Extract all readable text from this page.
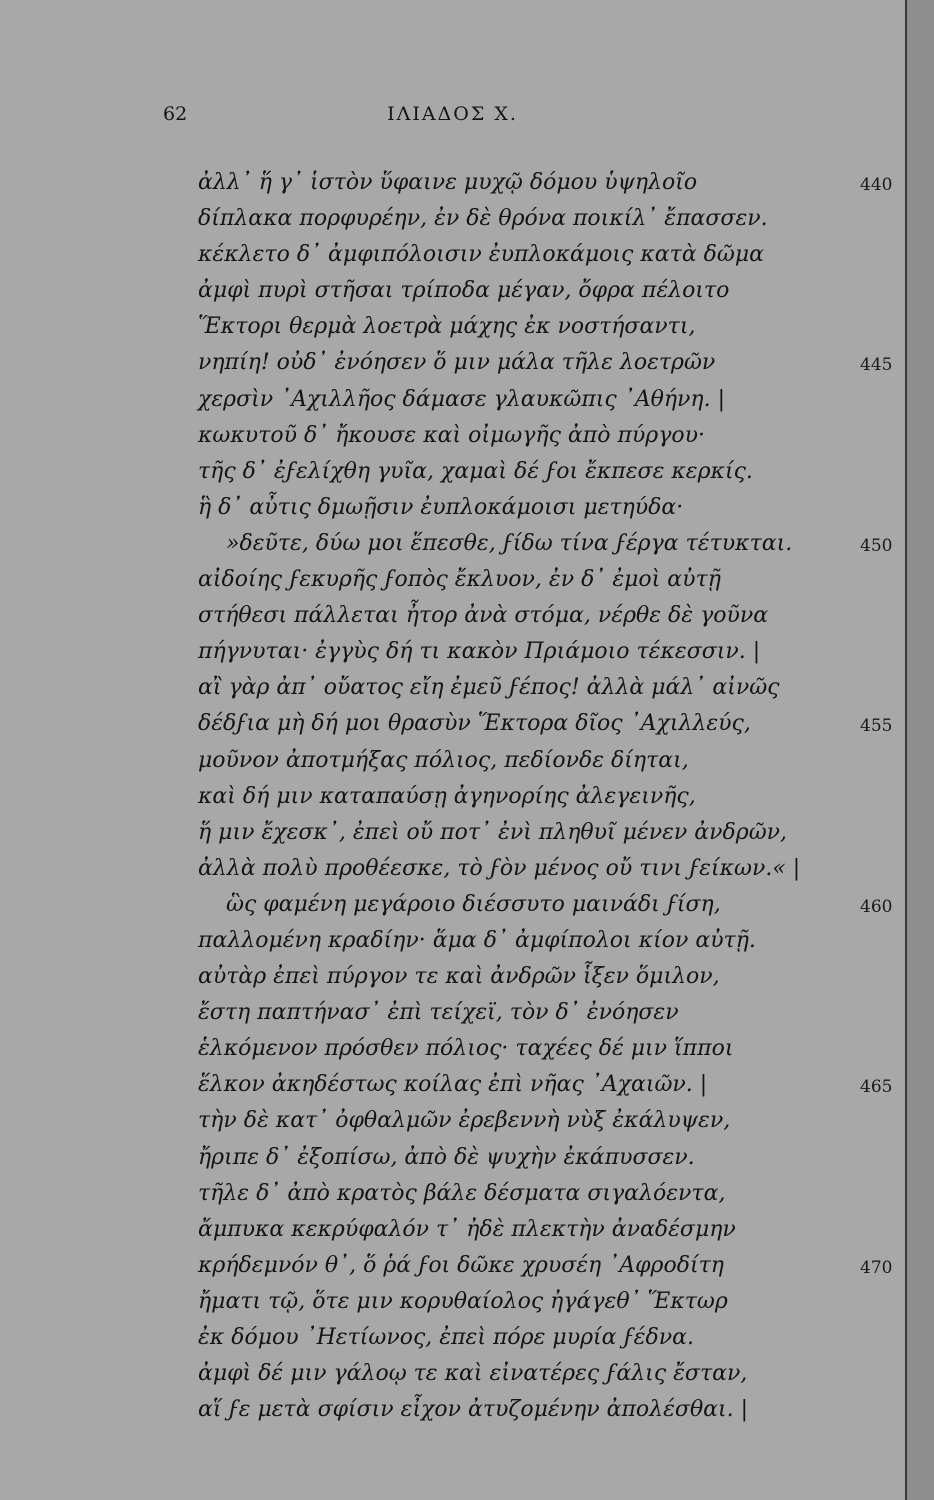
62	ΙΛΙΑΔΟΣ Χ.
ἀλλ᾽ ἥ γ᾽ ἱστὸν ὕφαινε μυχῷ δόμου ὑψηλοῖο	440
δίπλακα πορφυρέην, ἐν δὲ θρόνα ποικίλ᾽ ἔπασσεν.
κέκλετο δ᾽ ἀμφιπόλοισιν ἐυπλοκάμοις κατὰ δῶμα
ἀμφὶ πυρὶ στῆσαι τρίποδα μέγαν, ὄφρα πέλοιτο
Ἕκτορι θερμὰ λοετρὰ μάχης ἐκ νοστήσαντι,
νηπίη! οὐδ᾽ ἐνόησεν ὅ μιν μάλα τῆλε λοετρῶν	445
χερσὶν ᾿Αχιλλῆος δάμασε γλαυκῶπις ᾿Αθήνη. |
κωκυτοῦ δ᾽ ἤκουσε καὶ οἰμωγῆς ἀπὸ πύργου·
τῆς δ᾽ ἐϝελίχθη γυῖα, χαμαὶ δέ ϝοι ἔκπεσε κερκίς.
ἣ δ᾽ αὖτις δμωῇσιν ἐυπλοκάμοισι μετηύδα·
»δεῦτε, δύω μοι ἕπεσθε, ϝίδω τίνα ϝέργα τέτυκται.	450
αἰδοίης ϝεκυρῆς ϝοπὸς ἔκλυον, ἐν δ᾽ ἐμοὶ αὐτῇ
στήθεσι πάλλεται ἦτορ ἀνὰ στόμα, νέρθε δὲ γοῦνα
πήγνυται· ἐγγὺς δή τι κακὸν Πριάμοιο τέκεσσιν. |
αἲ γὰρ ἀπ᾽ οὔατος εἴη ἐμεῦ ϝέπος! ἀλλὰ μάλ᾽ αἰνῶς
δέδϝια μὴ δή μοι θρασὺν Ἕκτορα δῖος ᾿Αχιλλεύς,	455
μοῦνον ἀποτμήξας πόλιος, πεδίονδε δίηται,
καὶ δή μιν καταπαύσῃ ἀγηνορίης ἀλεγεινῆς,
ἥ μιν ἔχεσκ᾽, ἐπεὶ οὔ ποτ᾽ ἐνὶ πληθυῖ μένεν ἀνδρῶν,
ἀλλὰ πολὺ προθέεσκε, τὸ ϝὸν μένος οὔ τινι ϝείκων.« |
ὣς φαμένη μεγάροιο διέσσυτο μαινάδι ϝίση,	460
παλλομένη κραδίην· ἅμα δ᾽ ἀμφίπολοι κίον αὐτῇ.
αὐτὰρ ἐπεὶ πύργον τε καὶ ἀνδρῶν ἷξεν ὅμιλον,
ἔστη παπτήνασ᾽ ἐπὶ τείχεϊ, τὸν δ᾽ ἐνόησεν
ἑλκόμενον πρόσθεν πόλιος· ταχέες δέ μιν ἵπποι
ἕλκον ἀκηδέστως κοίλας ἐπὶ νῆας ᾿Αχαιῶν. |	465
τὴν δὲ κατ᾽ ὀφθαλμῶν ἐρεβεννὴ νὺξ ἐκάλυψεν,
ἤριπε δ᾽ ἐξοπίσω, ἀπὸ δὲ ψυχὴν ἐκάπυσσεν.
τῆλε δ᾽ ἀπὸ κρατὸς βάλε δέσματα σιγαλόεντα,
ἄμπυκα κεκρύφαλόν τ᾽ ἠδὲ πλεκτὴν ἀναδέσμην
κρήδεμνόν θ᾽, ὅ ῥά ϝοι δῶκε χρυσέη ᾿Αφροδίτη	470
ἤματι τῷ, ὅτε μιν κορυθαίολος ἠγάγεθ᾽ Ἕκτωρ
ἐκ δόμου ᾿Ηετίωνος, ἐπεὶ πόρε μυρία ϝέδνα.
ἀμφὶ δέ μιν γάλοῳ τε καὶ εἰνατέρες ϝάλις ἔσταν,
αἵ ϝε μετὰ σφίσιν εἶχον ἀτυζομένην ἀπολέσθαι. |
